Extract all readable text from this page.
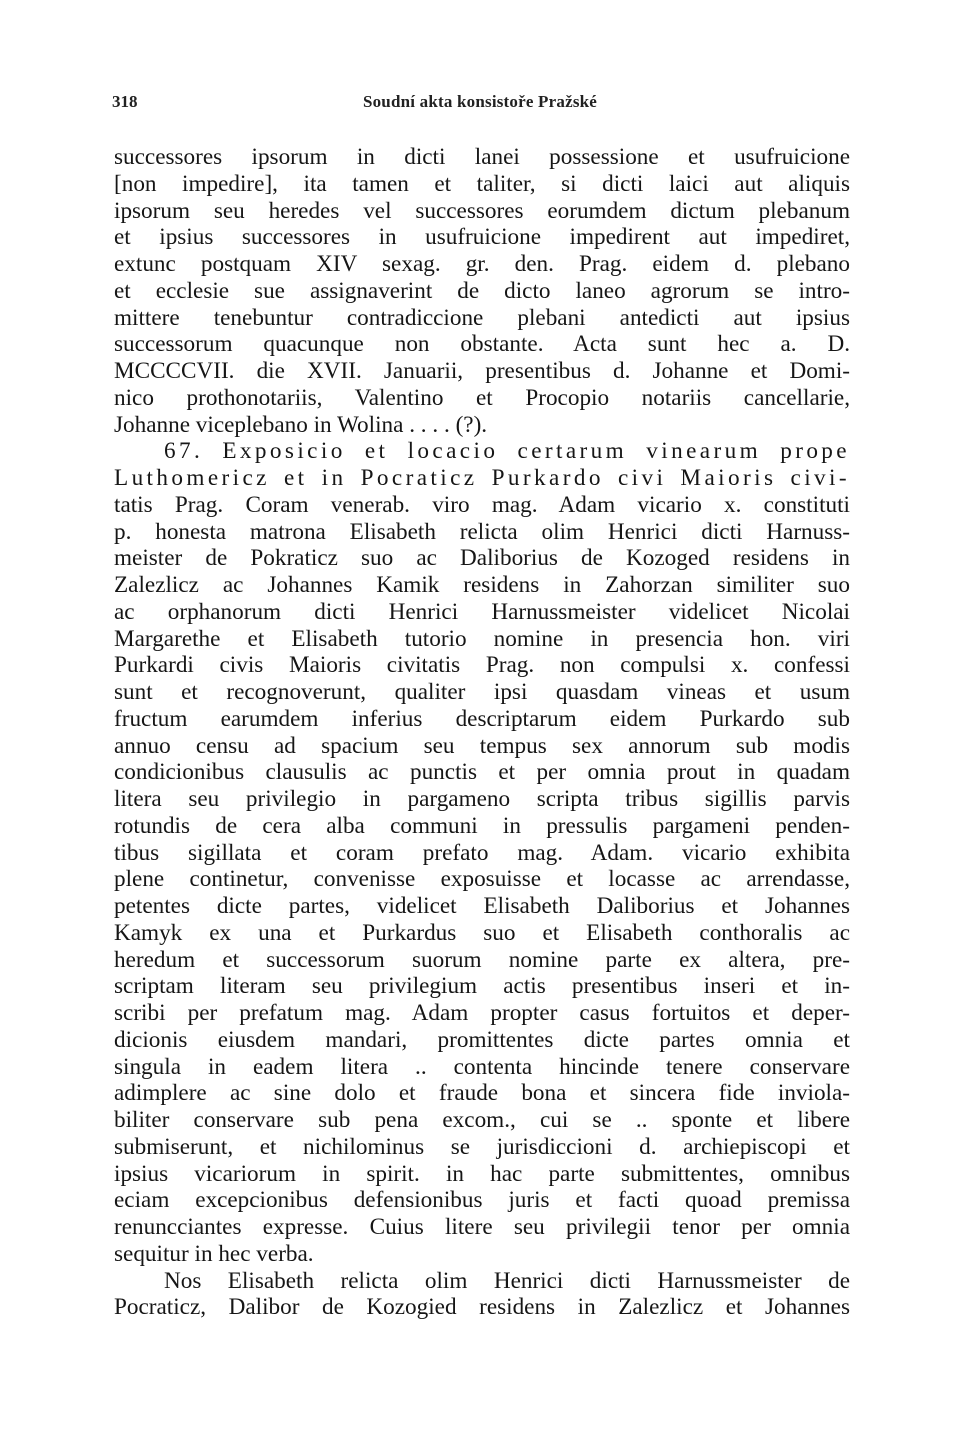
318	Soudní akta konsistoře Pražské
successores ipsorum in dicti lanei possessione et usufruicione
[non impedire], ita tamen et taliter, si dicti laici aut aliquis
ipsorum seu heredes vel successores eorumdem dictum plebanum
et ipsius successores in usufruicione impedirent aut impediret,
extunc postquam XIV sexag. gr. den. Prag. eidem d. plebano
et ecclesie sue assignaverint de dicto laneo agrorum se intro-
mittere tenebuntur contradiccione plebani antedicti aut ipsius
successorum quacunque non obstante. Acta sunt hec a. D.
MCCCCVII. die XVII. Januarii, presentibus d. Johanne et Domi-
nico prothonotariis, Valentino et Procopio notariis cancellarie,
Johanne viceplebano in Wolina . . . . (?).
67. Exposicio et locacio certarum vinearum prope
Luthomericz et in Pocraticz Purkardo civi Maioris civi-
tatis Prag. Coram venerab. viro mag. Adam vicario x. constituti
p. honesta matrona Elisabeth relicta olim Henrici dicti Harnuss-
meister de Pokraticz suo ac Daliborius de Kozoged residens in
Zalezlicz ac Johannes Kamik residens in Zahorzan similiter suo
ac orphanorum dicti Henrici Harnussmeister videlicet Nicolai
Margarethe et Elisabeth tutorio nomine in presencia hon. viri
Purkardi civis Maioris civitatis Prag. non compulsi x. confessi
sunt et recognoverunt, qualiter ipsi quasdam vineas et usum
fructum earumdem inferius descriptarum eidem Purkardo sub
annuo censu ad spacium seu tempus sex annorum sub modis
condicionibus clausulis ac punctis et per omnia prout in quadam
litera seu privilegio in pargameno scripta tribus sigillis parvis
rotundis de cera alba communi in pressulis pargameni penden-
tibus sigillata et coram prefato mag. Adam. vicario exhibita
plene continetur, convenisse exposuisse et locasse ac arrendasse,
petentes dicte partes, videlicet Elisabeth Daliborius et Johannes
Kamyk ex una et Purkardus suo et Elisabeth conthoralis ac
heredum et successorum suorum nomine parte ex altera, pre-
scriptam literam seu privilegium actis presentibus inseri et in-
scribi per prefatum mag. Adam propter casus fortuitos et deper-
dicionis eiusdem mandari, promittentes dicte partes omnia et
singula in eadem litera .. contenta hincinde tenere conservare
adimplere ac sine dolo et fraude bona et sincera fide inviola-
biliter conservare sub pena excom., cui se .. sponte et libere
submiserunt, et nichilominus se jurisdiccioni d. archiepiscopi et
ipsius vicariorum in spirit. in hac parte submittentes, omnibus
eciam excepcionibus defensionibus juris et facti quoad premissa
renuncciantes expresse. Cuius litere seu privilegii tenor per omnia
sequitur in hec verba.
Nos Elisabeth relicta olim Henrici dicti Harnussmeister de
Pocraticz, Dalibor de Kozogied residens in Zalezlicz et Johannes
